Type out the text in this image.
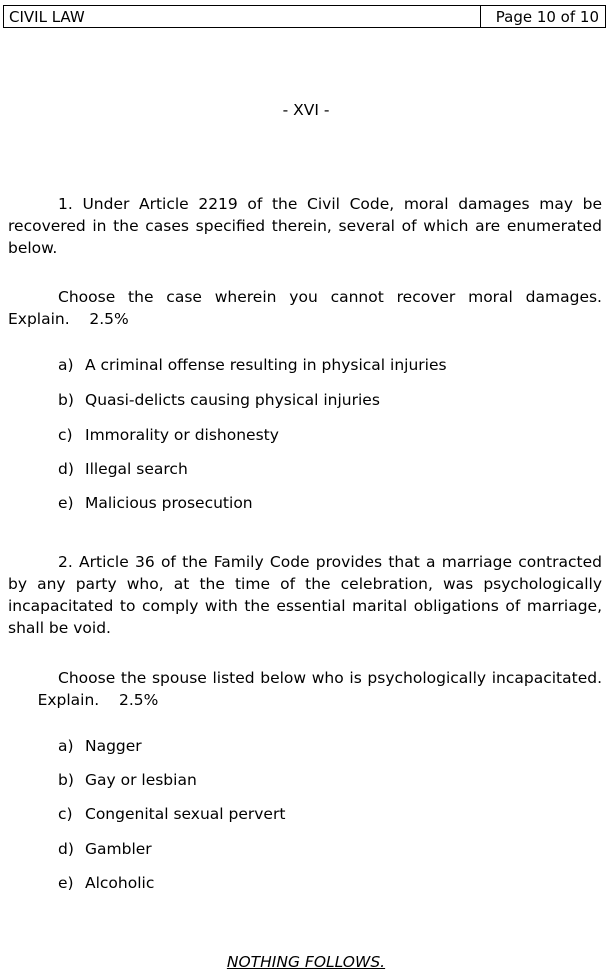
CIVIL LAW	Page 10 of 10
- XVI -
1. Under Article 2219 of the Civil Code, moral damages may be recovered in the cases specified therein, several of which are enumerated below.
Choose the case wherein you cannot recover moral damages. Explain. 2.5%
a) A criminal offense resulting in physical injuries
b) Quasi-delicts causing physical injuries
c) Immorality or dishonesty
d) Illegal search
e) Malicious prosecution
2. Article 36 of the Family Code provides that a marriage contracted by any party who, at the time of the celebration, was psychologically incapacitated to comply with the essential marital obligations of marriage, shall be void.
Choose the spouse listed below who is psychologically incapacitated.       Explain. 2.5%
a) Nagger
b) Gay or lesbian
c) Congenital sexual pervert
d) Gambler
e) Alcoholic
NOTHING FOLLOWS.
